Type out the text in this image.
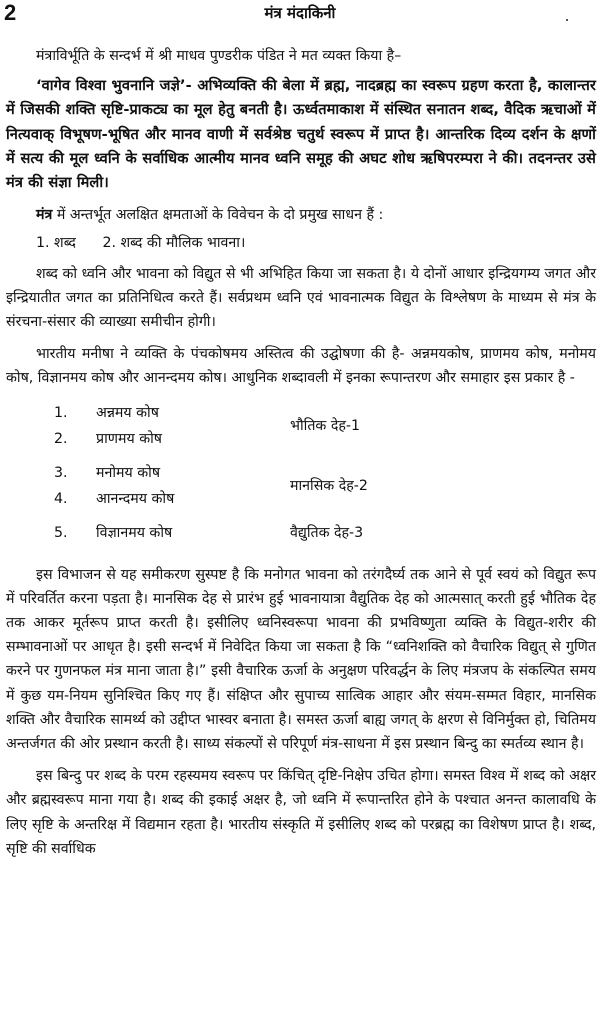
2	मंत्र मंदाकिनी

मंत्राविर्भूति के सन्दर्भ में श्री माधव पुण्डरीक पंडित ने मत व्यक्त किया है–

‘वागेव विश्वा भुवनानि जज्ञे’- अभिव्यक्ति की बेला में ब्रह्म, नादब्रह्म का स्वरूप ग्रहण करता है, कालान्तर में जिसकी शक्ति सृष्टि-प्राकट्य का मूल हेतु बनती है। ऊर्ध्वतमाकाश में संस्थित सनातन शब्द, वैदिक ऋचाओं में नित्यवाक् विभूषण-भूषित और मानव वाणी में सर्वश्रेष्ठ चतुर्थ स्वरूप में प्राप्त है। आन्तरिक दिव्य दर्शन के क्षणों में सत्य की मूल ध्वनि के सर्वाधिक आत्मीय मानव ध्वनि समूह की अघट शोध ऋषिपरम्परा ने की। तदनन्तर उसे मंत्र की संज्ञा मिली।

मंत्र में अन्तर्भूत अलक्षित क्षमताओं के विवेचन के दो प्रमुख साधन हैं :

1. शब्द 2. शब्द की मौलिक भावना।

शब्द को ध्वनि और भावना को विद्युत से भी अभिहित किया जा सकता है। ये दोनों आधार इन्द्रियगम्य जगत और इन्द्रियातीत जगत का प्रतिनिधित्व करते हैं। सर्वप्रथम ध्वनि एवं भावनात्मक विद्युत के विश्लेषण के माध्यम से मंत्र के संरचना-संसार की व्याख्या समीचीन होगी।

भारतीय मनीषा ने व्यक्ति के पंचकोषमय अस्तित्व की उद्घोषणा की है- अन्नमयकोष, प्राणमय कोष, मनोमय कोष, विज्ञानमय कोष और आनन्दमय कोष। आधुनिक शब्दावली में इनका रूपान्तरण और समाहार इस प्रकार है -

1. अन्नमय कोष
2. प्राणमय कोष
3. मनोमय कोष
4. आनन्दमय कोष
5. विज्ञानमय कोष
भौतिक देह-1
मानसिक देह-2
वैद्युतिक देह-3

इस विभाजन से यह समीकरण सुस्पष्ट है कि मनोगत भावना को तरंगदैर्घ्य तक आने से पूर्व स्वयं को विद्युत रूप में परिवर्तित करना पड़ता है। मानसिक देह से प्रारंभ हुई भावनायात्रा वैद्युतिक देह को आत्मसात् करती हुई भौतिक देह तक आकर मूर्तरूप प्राप्त करती है। इसीलिए ध्वनिस्वरूपा भावना की प्रभविष्णुता व्यक्ति के विद्युत-शरीर की सम्भावनाओं पर आधृत है। इसी सन्दर्भ में निवेदित किया जा सकता है कि “ध्वनिशक्ति को वैचारिक विद्युत् से गुणित करने पर गुणनफल मंत्र माना जाता है।” इसी वैचारिक ऊर्जा के अनुक्षण परिवर्द्धन के लिए मंत्रजप के संकल्पित समय में कुछ यम-नियम सुनिश्चित किए गए हैं। संक्षिप्त और सुपाच्य सात्विक आहार और संयम-सम्मत विहार, मानसिक शक्ति और वैचारिक सामर्थ्य को उद्दीप्त भास्वर बनाता है। समस्त ऊर्जा बाह्य जगत् के क्षरण से विनिर्मुक्त हो, चितिमय अन्तर्जगत की ओर प्रस्थान करती है। साध्य संकल्पों से परिपूर्ण मंत्र-साधना में इस प्रस्थान बिन्दु का स्मर्तव्य स्थान है।

इस बिन्दु पर शब्द के परम रहस्यमय स्वरूप पर किंचित् दृष्टि-निक्षेप उचित होगा। समस्त विश्व में शब्द को अक्षर और ब्रह्मस्वरूप माना गया है। शब्द की इकाई अक्षर है, जो ध्वनि में रूपान्तरित होने के पश्चात अनन्त कालावधि के लिए सृष्टि के अन्तरिक्ष में विद्यमान रहता है। भारतीय संस्कृति में इसीलिए शब्द को परब्रह्म का विशेषण प्राप्त है। शब्द, सृष्टि की सर्वाधिक
